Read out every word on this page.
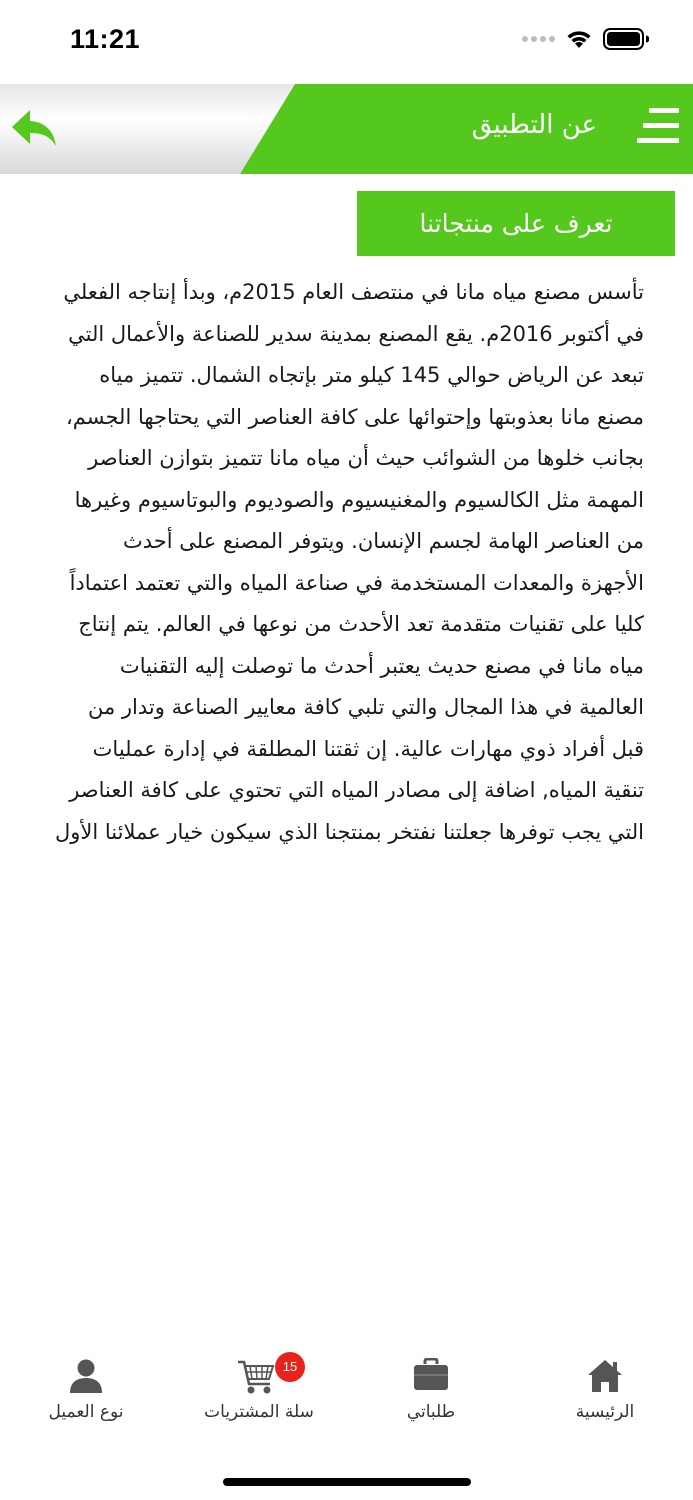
11:21
عن التطبيق
تعرف على منتجاتنا
تأسس مصنع مياه مانا في منتصف العام 2015م، وبدأ إنتاجه الفعلي في أكتوبر 2016م. يقع المصنع بمدينة سدير للصناعة والأعمال التي تبعد عن الرياض حوالي 145 كيلو متر بإتجاه الشمال. تتميز مياه مصنع مانا بعذوبتها وإحتوائها على كافة العناصر التي يحتاجها الجسم، بجانب خلوها من الشوائب حيث أن مياه مانا تتميز بتوازن العناصر المهمة مثل الكالسيوم والمغنيسيوم والصوديوم والبوتاسيوم وغيرها من العناصر الهامة لجسم الإنسان. ويتوفر المصنع على أحدث الأجهزة والمعدات المستخدمة في صناعة المياه والتي تعتمد اعتماداً كليا على تقنيات متقدمة تعد الأحدث من نوعها في العالم. يتم إنتاج مياه مانا في مصنع حديث يعتبر أحدث ما توصلت إليه التقنيات العالمية في هذا المجال والتي تلبي كافة معايير الصناعة وتدار من قبل أفراد ذوي مهارات عالية. إن ثقتنا المطلقة في إدارة عمليات تنقية المياه, اضافة إلى مصادر المياه التي تحتوي على كافة العناصر التي يجب توفرها جعلتنا نفتخر بمنتجنا الذي سيكون خيار عملائنا الأول
الرئيسية
طلباتي
سلة المشتريات
15
نوع العميل
